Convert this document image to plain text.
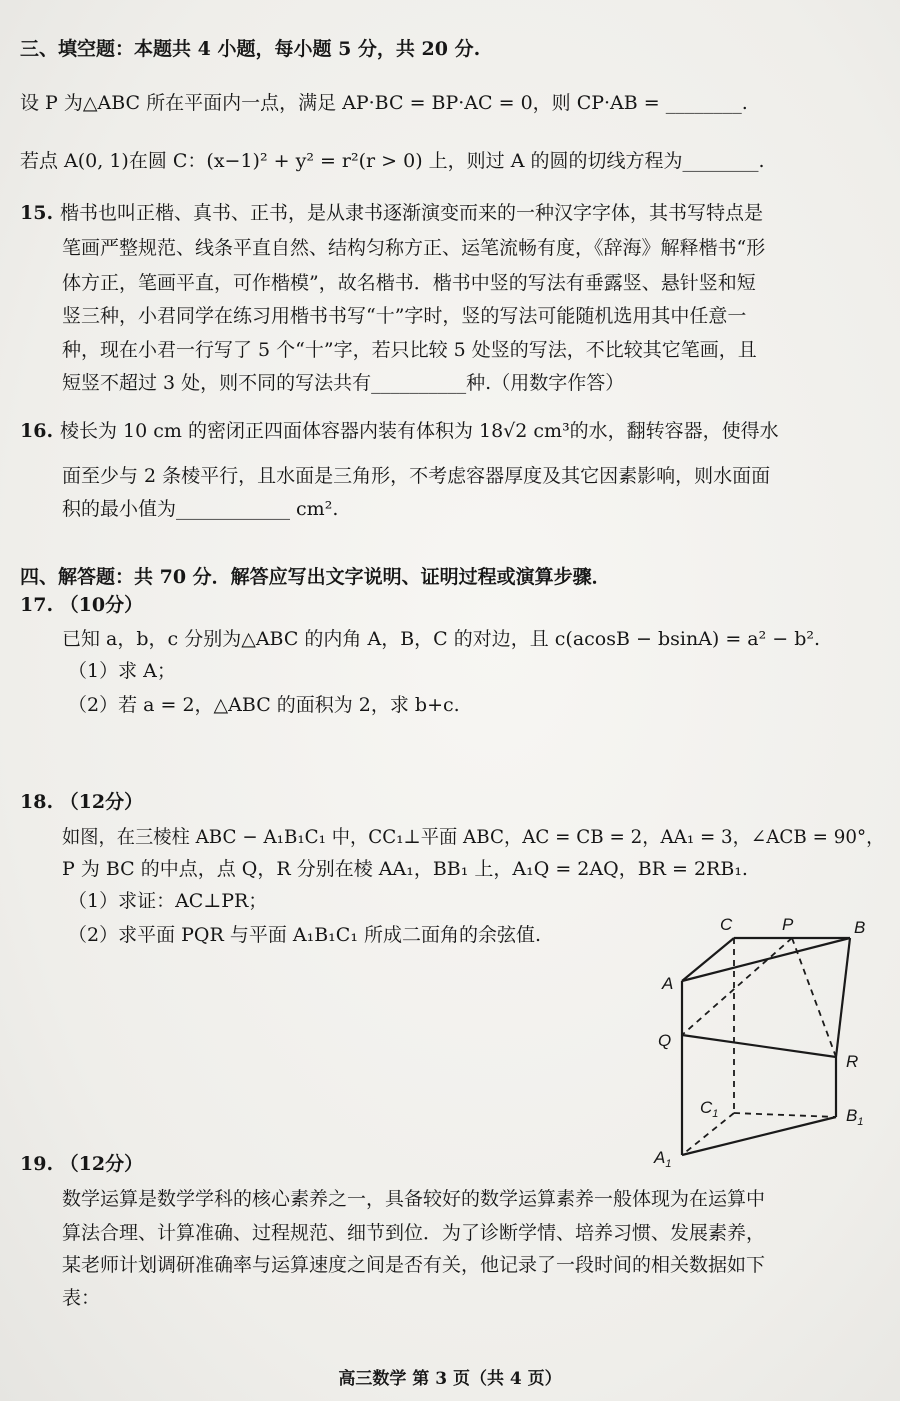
三、填空题：本题共 4 小题，每小题 5 分，共 20 分.
设 P 为△ABC 所在平面内一点，满足 AP·BC = BP·AC = 0，则 CP·AB = ________.
若点 A(0, 1)在圆 C：(x−1)² + y² = r²(r > 0) 上，则过 A 的圆的切线方程为________.
15. 楷书也叫正楷、真书、正书，是从隶书逐渐演变而来的一种汉字字体，其书写特点是
笔画严整规范、线条平直自然、结构匀称方正、运笔流畅有度，《辞海》解释楷书“形
体方正，笔画平直，可作楷模”，故名楷书．楷书中竖的写法有垂露竖、悬针竖和短
竖三种，小君同学在练习用楷书书写“十”字时，竖的写法可能随机选用其中任意一
种，现在小君一行写了 5 个“十”字，若只比较 5 处竖的写法，不比较其它笔画，且
短竖不超过 3 处，则不同的写法共有__________种.（用数字作答）
16. 棱长为 10 cm 的密闭正四面体容器内装有体积为 18√2 cm³的水，翻转容器，使得水
面至少与 2 条棱平行，且水面是三角形，不考虑容器厚度及其它因素影响，则水面面
积的最小值为____________ cm².
四、解答题：共 70 分．解答应写出文字说明、证明过程或演算步骤．
17. （10分）
已知 a，b，c 分别为△ABC 的内角 A，B，C 的对边，且 c(acosB − bsinA) = a² − b².
（1）求 A；
（2）若 a = 2，△ABC 的面积为 2，求 b+c.
18. （12分）
如图，在三棱柱 ABC − A₁B₁C₁ 中，CC₁⊥平面 ABC，AC = CB = 2，AA₁ = 3，∠ACB = 90°，
P 为 BC 的中点，点 Q，R 分别在棱 AA₁，BB₁ 上，A₁Q = 2AQ，BR = 2RB₁.
（1）求证：AC⊥PR；
（2）求平面 PQR 与平面 A₁B₁C₁ 所成二面角的余弦值.	C	P	B
A
Q
R
$C_1$	$B_1$
$A_1$
19. （12分）
数学运算是数学学科的核心素养之一，具备较好的数学运算素养一般体现为在运算中
算法合理、计算准确、过程规范、细节到位．为了诊断学情、培养习惯、发展素养，
某老师计划调研准确率与运算速度之间是否有关，他记录了一段时间的相关数据如下
表：
高三数学 第 3 页（共 4 页）
